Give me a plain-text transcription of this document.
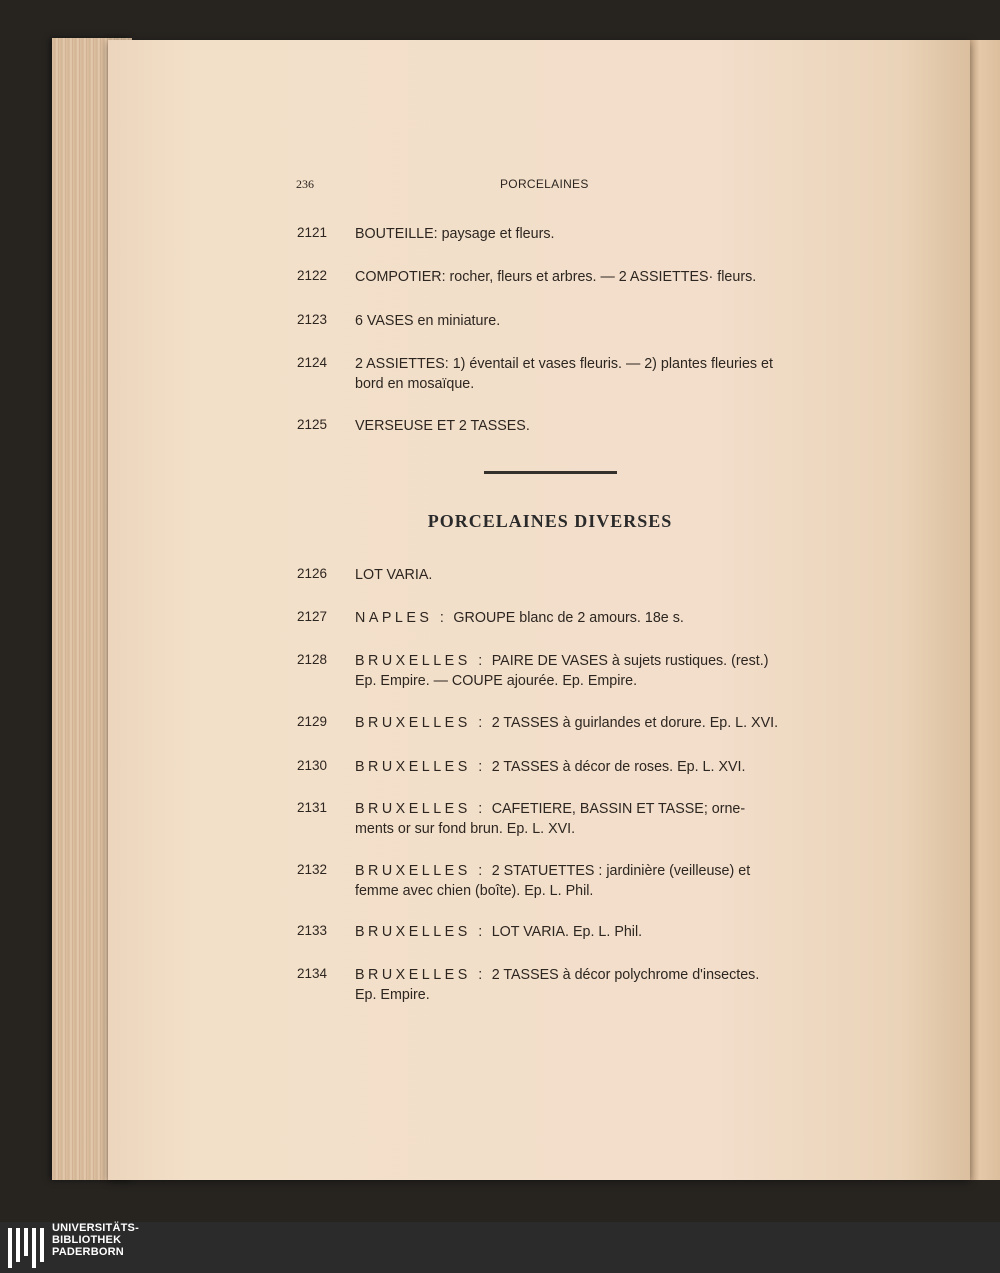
236	PORCELAINES
2121 BOUTEILLE: paysage et fleurs.
2122 COMPOTIER: rocher, fleurs et arbres. — 2 ASSIETTES· fleurs.
2123 6 VASES en miniature.
2124 2 ASSIETTES: 1) éventail et vases fleuris. — 2) plantes fleuries et
bord en mosaïque.
2125 VERSEUSE ET 2 TASSES.
PORCELAINES DIVERSES
2126 LOT VARIA.
2127 NAPLES : GROUPE blanc de 2 amours. 18e s.
2128 BRUXELLES : PAIRE DE VASES à sujets rustiques. (rest.)
Ep. Empire. — COUPE ajourée. Ep. Empire.
2129 BRUXELLES : 2 TASSES à guirlandes et dorure. Ep. L. XVI.
2130 BRUXELLES : 2 TASSES à décor de roses. Ep. L. XVI.
2131 BRUXELLES : CAFETIERE, BASSIN ET TASSE; orne-
ments or sur fond brun. Ep. L. XVI.
2132 BRUXELLES : 2 STATUETTES : jardinière (veilleuse) et
femme avec chien (boîte). Ep. L. Phil.
2133 BRUXELLES : LOT VARIA. Ep. L. Phil.
2134 BRUXELLES : 2 TASSES à décor polychrome d'insectes.
Ep. Empire.
UNIVERSITÄTS-
BIBLIOTHEK
PADERBORN
